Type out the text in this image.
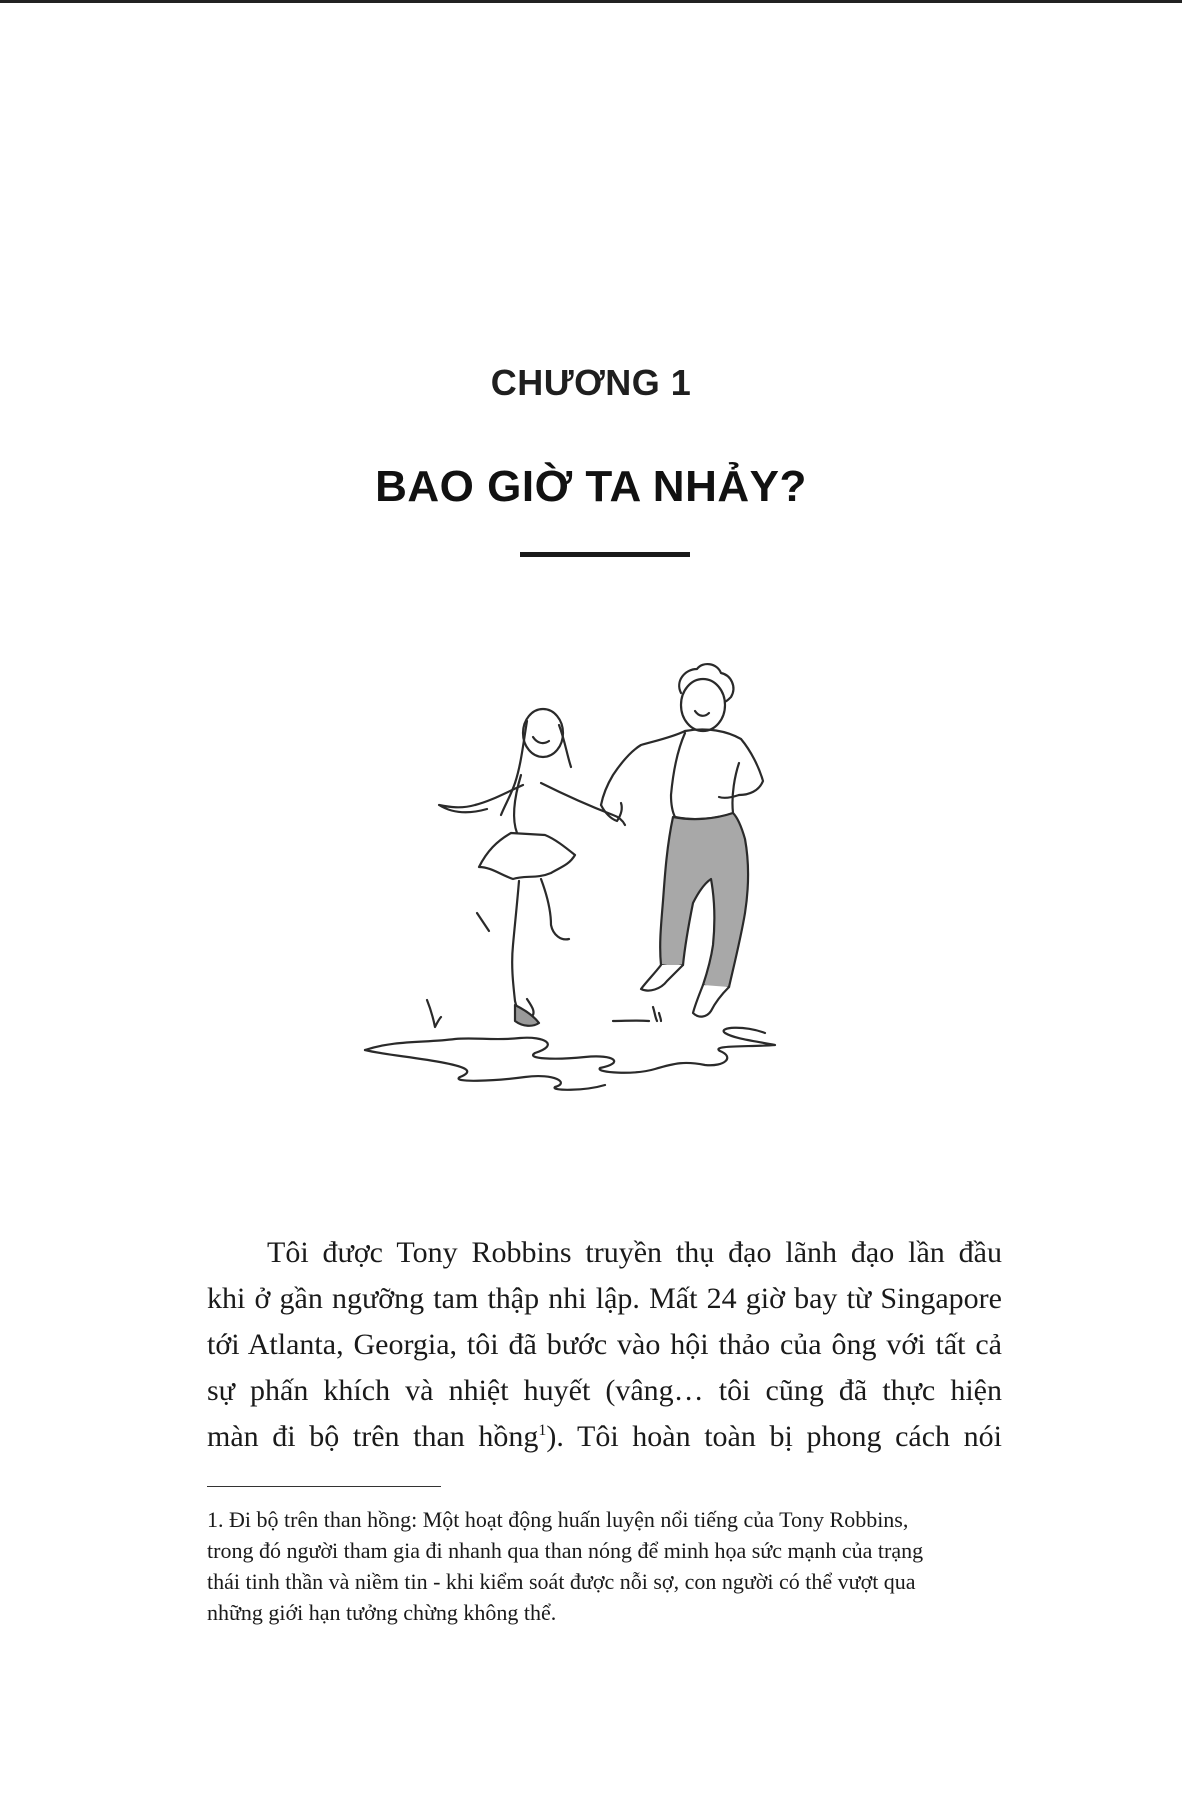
CHƯƠNG 1
BAO GIỜ TA NHẢY?

Tôi được Tony Robbins truyền thụ đạo lãnh đạo lần đầu
khi ở gần ngưỡng tam thập nhi lập. Mất 24 giờ bay từ Singapore
tới Atlanta, Georgia, tôi đã bước vào hội thảo của ông với tất cả
sự phấn khích và nhiệt huyết (vâng… tôi cũng đã thực hiện
màn đi bộ trên than hồng$^1$). Tôi hoàn toàn bị phong cách nói

1. Đi bộ trên than hồng: Một hoạt động huấn luyện nổi tiếng của Tony Robbins,
trong đó người tham gia đi nhanh qua than nóng để minh họa sức mạnh của trạng
thái tinh thần và niềm tin - khi kiểm soát được nỗi sợ, con người có thể vượt qua
những giới hạn tưởng chừng không thể.
